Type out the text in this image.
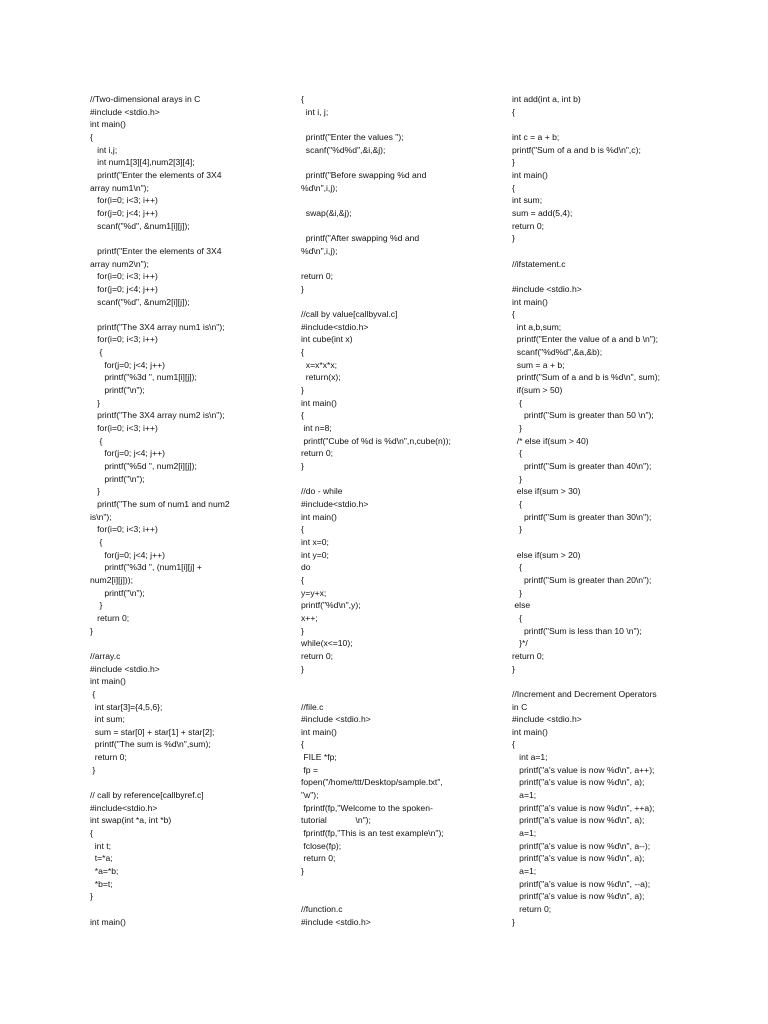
//Two-dimensional arays in C
#include <stdio.h>
int main()
{
int i,j;
int num1[3][4],num2[3][4];
printf("Enter the elements of 3X4
array num1\n");
for(i=0; i<3; i++)
for(j=0; j<4; j++)
scanf("%d", &num1[i][j]);

printf("Enter the elements of 3X4
array num2\n");
for(i=0; i<3; i++)
for(j=0; j<4; j++)
scanf("%d", &num2[i][j]);

printf("The 3X4 array num1 is\n");
for(i=0; i<3; i++)
{
for(j=0; j<4; j++)
printf("%3d ", num1[i][j]);
printf("\n");
}
printf("The 3X4 array num2 is\n");
for(i=0; i<3; i++)
{
for(j=0; j<4; j++)
printf("%5d ", num2[i][j]);
printf("\n");
}
printf("The sum of num1 and num2
is\n");
for(i=0; i<3; i++)
{
for(j=0; j<4; j++)
printf("%3d ", (num1[i][j] +
num2[i][j]));
printf("\n");
}
return 0;
}

//array.c
#include <stdio.h>
int main()
{
int star[3]={4,5,6};
int sum;
sum = star[0] + star[1] + star[2];
printf("The sum is %d\n",sum);
return 0;
}

// call by reference[callbyref.c]
#include<stdio.h>
int swap(int *a, int *b)
{
int t;
t=*a;
*a=*b;
*b=t;
}

int main()
{
int i, j;

printf("Enter the values ");
scanf("%d%d",&i,&j);

printf("Before swapping %d and
%d\n",i,j);

swap(&i,&j);

printf("After swapping %d and
%d\n",i,j);

return 0;
}

//call by value[callbyval.c]
#include<stdio.h>
int cube(int x)
{
x=x*x*x;
return(x);
}
int main()
{
int n=8;
printf("Cube of %d is %d\n",n,cube(n));
return 0;
}

//do - while
#include<stdio.h>
int main()
{
int x=0;
int y=0;
do
{
y=y+x;
printf("%d\n",y);
x++;
}
while(x<=10);
return 0;
}

//file.c
#include <stdio.h>
int main()
{
FILE *fp;
fp =
fopen("/home/ttt/Desktop/sample.txt",
"w");
fprintf(fp,"Welcome to the spoken-
tutorial            \n");
fprintf(fp,"This is an test example\n");
fclose(fp);
return 0;
}

//function.c
#include <stdio.h>
int add(int a, int b)
{

int c = a + b;
printf("Sum of a and b is %d\n",c);
}
int main()
{
int sum;
sum = add(5,4);
return 0;
}

//ifstatement.c

#include <stdio.h>
int main()
{
int a,b,sum;
printf("Enter the value of a and b \n");
scanf("%d%d",&a,&b);
sum = a + b;
printf("Sum of a and b is %d\n", sum);
if(sum > 50)
{
printf("Sum is greater than 50 \n");
}
/* else if(sum > 40)
{
printf("Sum is greater than 40\n");
}
else if(sum > 30)
{
printf("Sum is greater than 30\n");
}

else if(sum > 20)
{
printf("Sum is greater than 20\n");
}
else
{
printf("Sum is less than 10 \n");
}*/
return 0;
}

//Increment and Decrement Operators
in C
#include <stdio.h>
int main()
{
int a=1;
printf("a's value is now %d\n", a++);
printf("a's value is now %d\n", a);
a=1;
printf("a's value is now %d\n", ++a);
printf("a's value is now %d\n", a);
a=1;
printf("a's value is now %d\n", a--);
printf("a's value is now %d\n", a);
a=1;
printf("a's value is now %d\n", --a);
printf("a's value is now %d\n", a);
return 0;
}
